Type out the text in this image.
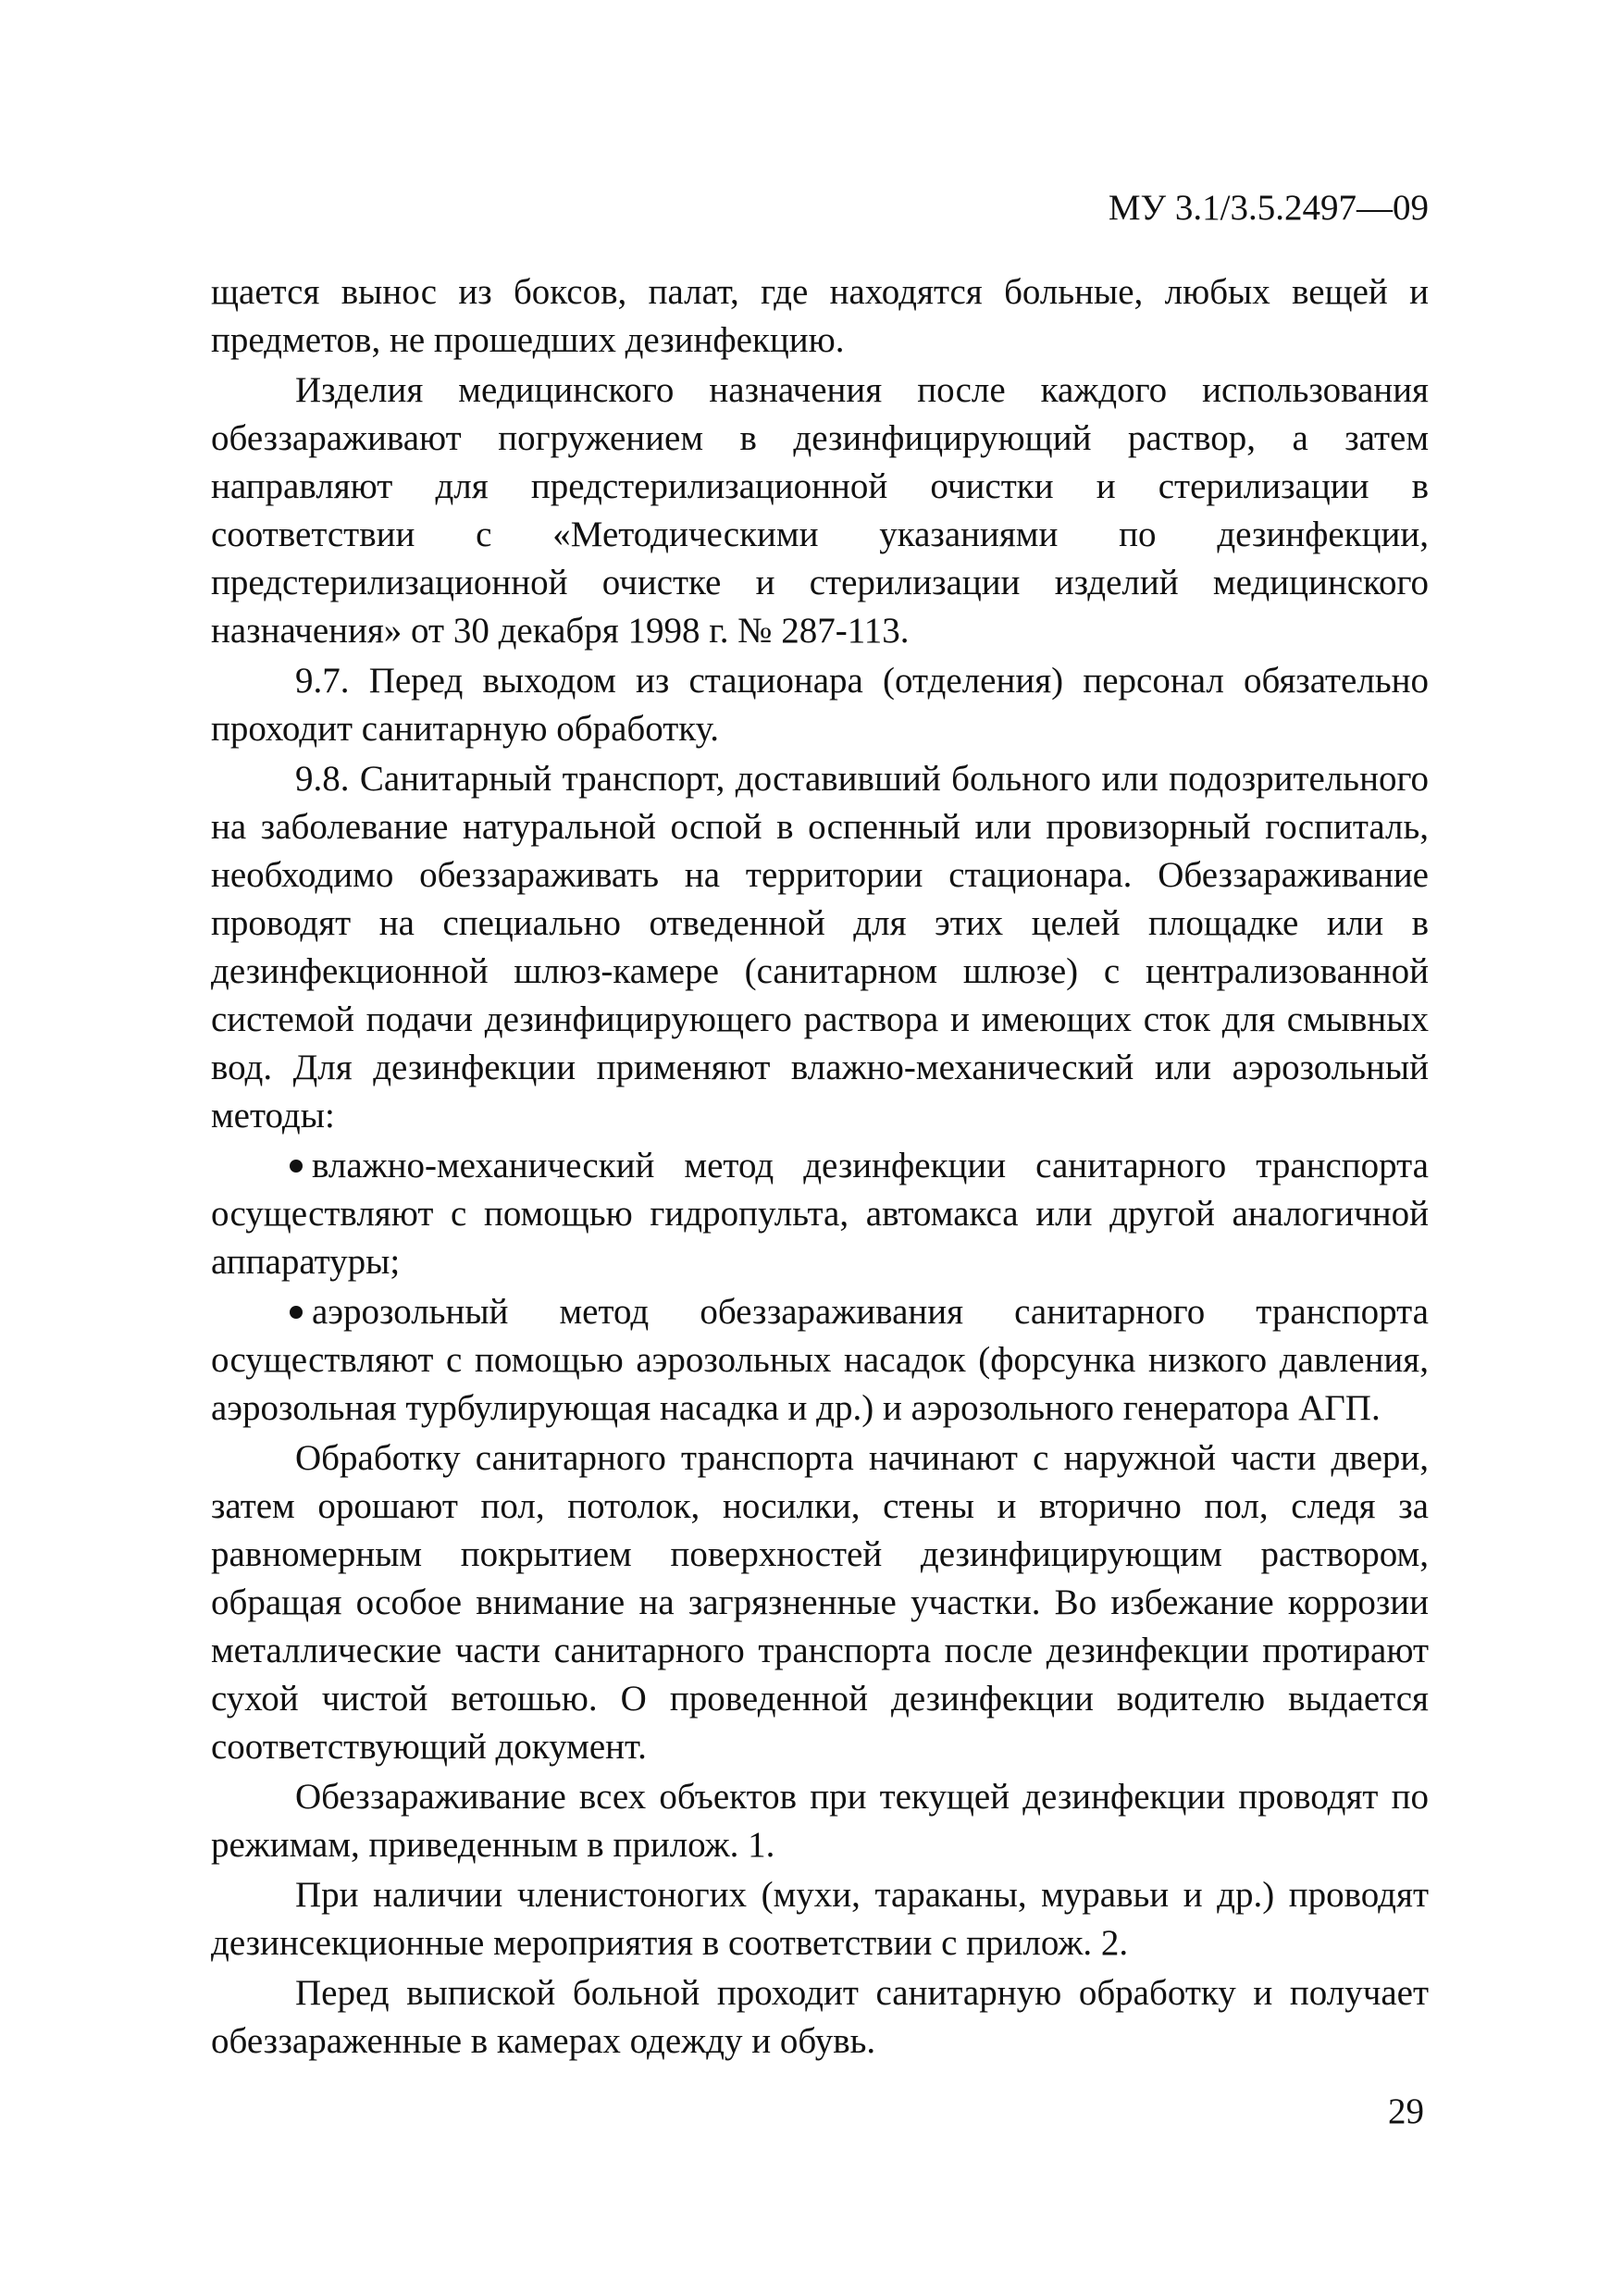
МУ 3.1/3.5.2497—09

щается вынос из боксов, палат, где находятся больные, любых вещей и предметов, не прошедших дезинфекцию.

Изделия медицинского назначения после каждого использования обеззараживают погружением в дезинфицирующий раствор, а затем направляют для предстерилизационной очистки и стерилизации в соответствии с «Методическими указаниями по дезинфекции, предстерилизационной очистке и стерилизации изделий медицинского назначения» от 30 декабря 1998 г. № 287-113.

9.7. Перед выходом из стационара (отделения) персонал обязательно проходит санитарную обработку.

9.8. Санитарный транспорт, доставивший больного или подозрительного на заболевание натуральной оспой в оспенный или провизорный госпиталь, необходимо обеззараживать на территории стационара. Обеззараживание проводят на специально отведенной для этих целей площадке или в дезинфекционной шлюз-камере (санитарном шлюзе) с централизованной системой подачи дезинфицирующего раствора и имеющих сток для смывных вод. Для дезинфекции применяют влажно-механический или аэрозольный методы:

влажно-механический метод дезинфекции санитарного транспорта осуществляют с помощью гидропульта, автомакса или другой аналогичной аппаратуры;

аэрозольный метод обеззараживания санитарного транспорта осуществляют с помощью аэрозольных насадок (форсунка низкого давления, аэрозольная турбулирующая насадка и др.) и аэрозольного генератора АГП.

Обработку санитарного транспорта начинают с наружной части двери, затем орошают пол, потолок, носилки, стены и вторично пол, следя за равномерным покрытием поверхностей дезинфицирующим раствором, обращая особое внимание на загрязненные участки. Во избежание коррозии металлические части санитарного транспорта после дезинфекции протирают сухой чистой ветошью. О проведенной дезинфекции водителю выдается соответствующий документ.

Обеззараживание всех объектов при текущей дезинфекции проводят по режимам, приведенным в прилож. 1.

При наличии членистоногих (мухи, тараканы, муравьи и др.) проводят дезинсекционные мероприятия в соответствии с прилож. 2.

Перед выпиской больной проходит санитарную обработку и получает обеззараженные в камерах одежду и обувь.

29
